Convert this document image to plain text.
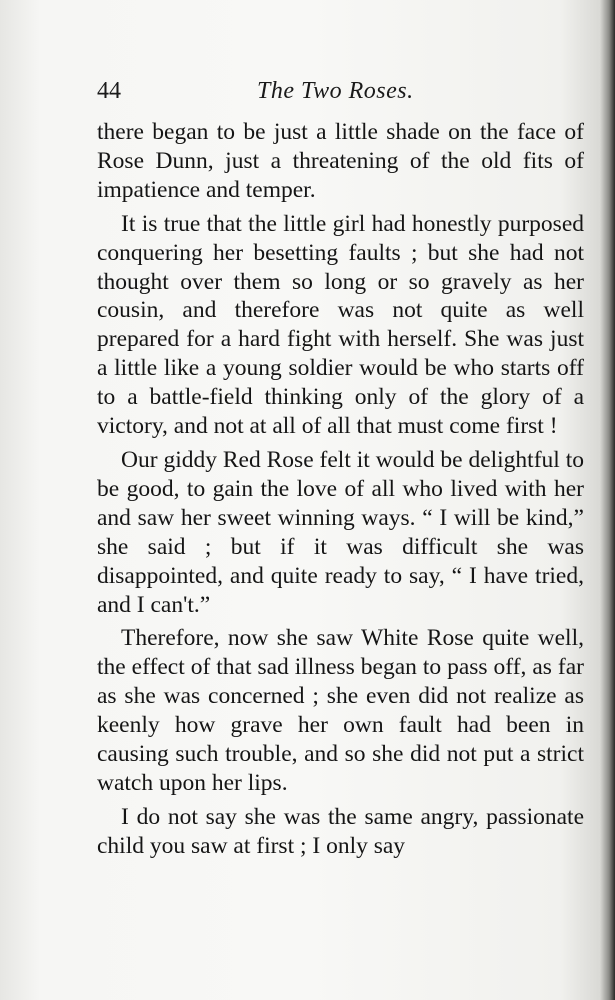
44	The Two Roses.

there began to be just a little shade on the face of Rose Dunn, just a threatening of the old fits of impatience and temper.

It is true that the little girl had honestly purposed conquering her besetting faults ; but she had not thought over them so long or so gravely as her cousin, and therefore was not quite as well prepared for a hard fight with herself. She was just a little like a young soldier would be who starts off to a battle-field thinking only of the glory of a victory, and not at all of all that must come first !

Our giddy Red Rose felt it would be delightful to be good, to gain the love of all who lived with her and saw her sweet winning ways. “ I will be kind,” she said ; but if it was difficult she was disappointed, and quite ready to say, “ I have tried, and I can't.”

Therefore, now she saw White Rose quite well, the effect of that sad illness began to pass off, as far as she was concerned ; she even did not realize as keenly how grave her own fault had been in causing such trouble, and so she did not put a strict watch upon her lips.

I do not say she was the same angry, passionate child you saw at first ; I only say
